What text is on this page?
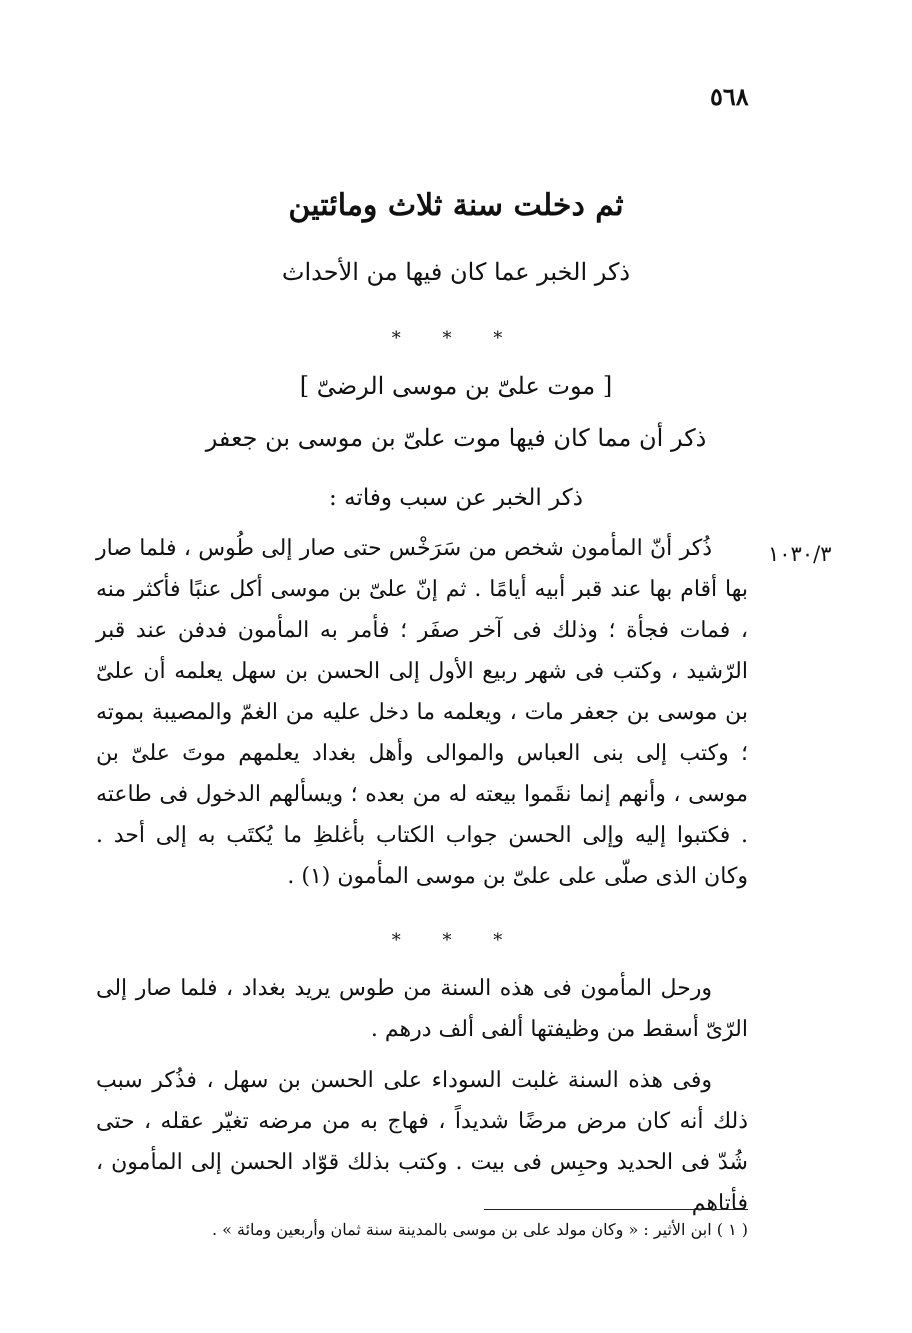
٥٦٨
ثم دخلت سنة ثلاث ومائتين
ذكر الخبر عما كان فيها من الأحداث
* * *
[ موت علىّ بن موسى الرضىّ ]
ذكر أن مما كان فيها موت علىّ بن موسى بن جعفر
ذكر الخبر عن سبب وفاته :
١٠٣٠/٣
ذُكر أنّ المأمون شخص من سَرَخْس حتى صار إلى طُوس ، فلما صار بها أقام بها عند قبر أبيه أيامًا . ثم إنّ علىّ بن موسى أكل عنبًا فأكثر منه ، فمات فجأة ؛ وذلك فى آخر صفَر ؛ فأمر به المأمون فدفن عند قبر الرّشيد ، وكتب فى شهر ربيع الأول إلى الحسن بن سهل يعلمه أن علىّ بن موسى بن جعفر مات ، ويعلمه ما دخل عليه من الغمّ والمصيبة بموته ؛ وكتب إلى بنى العباس والموالى وأهل بغداد يعلمهم موتَ علىّ بن موسى ، وأنهم إنما نقَموا بيعته له من بعده ؛ ويسألهم الدخول فى طاعته . فكتبوا إليه وإلى الحسن جواب الكتاب بأغلظِ ما يُكتَب به إلى أحد . وكان الذى صلّى على علىّ بن موسى المأمون (١) .
* * *
ورحل المأمون فى هذه السنة من طوس يريد بغداد ، فلما صار إلى الرّىّ أسقط من وظيفتها ألفى ألف درهم .
وفى هذه السنة غلبت السوداء على الحسن بن سهل ، فذُكر سبب ذلك أنه كان مرض مرضًا شديداً ، فهاج به من مرضه تغيّر عقله ، حتى شُدّ فى الحديد وحبِس فى بيت . وكتب بذلك قوّاد الحسن إلى المأمون ، فأتاهم
( ١ ) ابن الأثير : « وكان مولد على بن موسى بالمدينة سنة ثمان وأربعين ومائة » .
